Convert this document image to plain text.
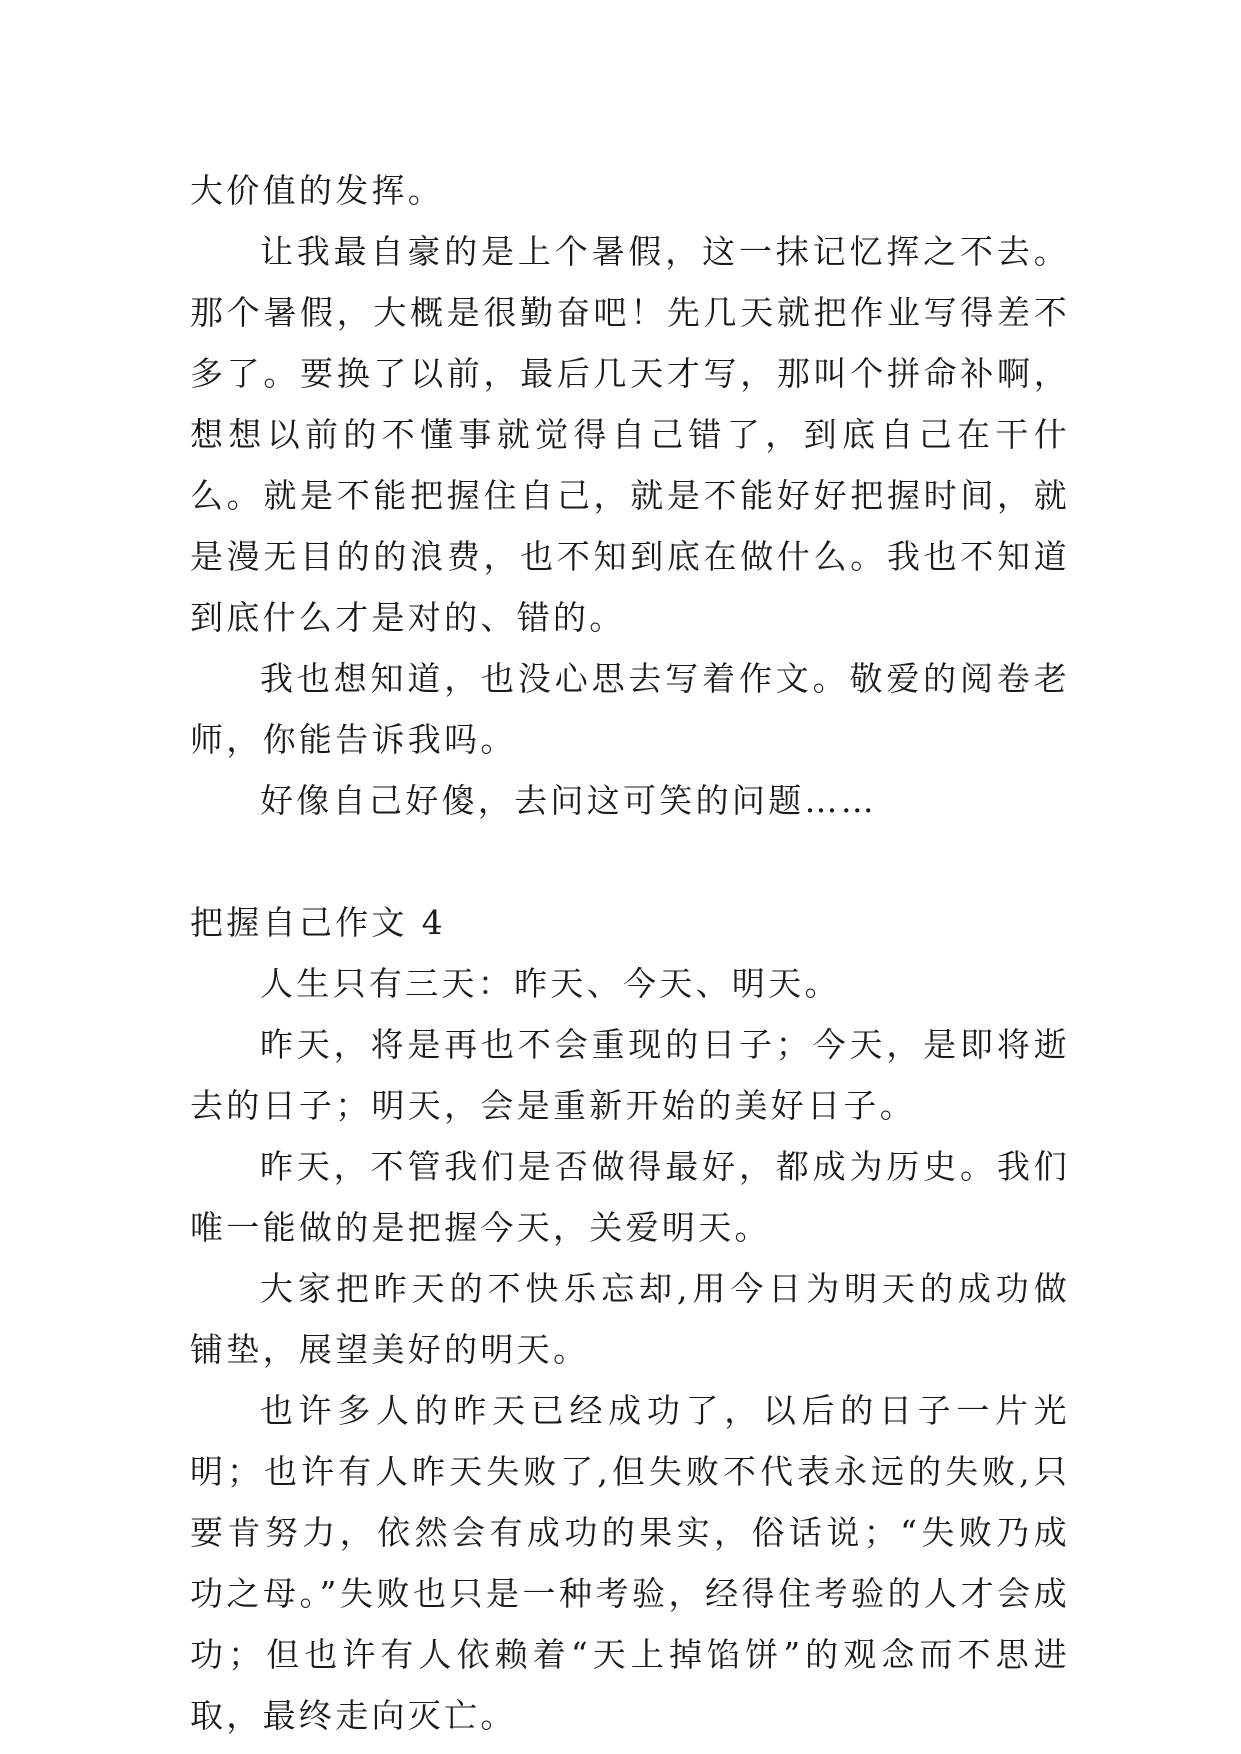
大价值的发挥。

让我最自豪的是上个暑假，这一抹记忆挥之不去。那个暑假，大概是很勤奋吧！先几天就把作业写得差不多了。要换了以前，最后几天才写，那叫个拼命补啊，想想以前的不懂事就觉得自己错了，到底自己在干什么。就是不能把握住自己，就是不能好好把握时间，就是漫无目的的浪费，也不知到底在做什么。我也不知道到底什么才是对的、错的。

我也想知道，也没心思去写着作文。敬爱的阅卷老师，你能告诉我吗。

好像自己好傻，去问这可笑的问题……

把握自己作文 4

人生只有三天：昨天、今天、明天。

昨天，将是再也不会重现的日子；今天，是即将逝去的日子；明天，会是重新开始的美好日子。

昨天，不管我们是否做得最好，都成为历史。我们唯一能做的是把握今天，关爱明天。

大家把昨天的不快乐忘却,用今日为明天的成功做铺垫，展望美好的明天。

也许多人的昨天已经成功了，以后的日子一片光明；也许有人昨天失败了,但失败不代表永远的失败,只要肯努力，依然会有成功的果实，俗话说；“失败乃成功之母。”失败也只是一种考验，经得住考验的人才会成功；但也许有人依赖着“天上掉馅饼”的观念而不思进取，最终走向灭亡。
